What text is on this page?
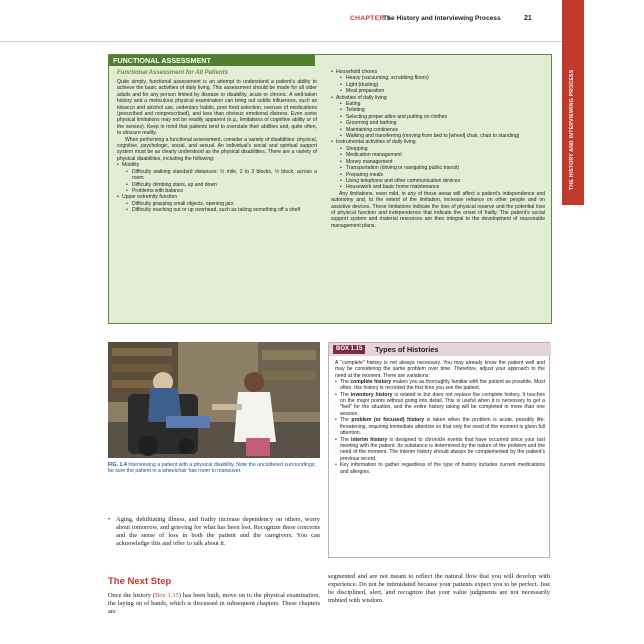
CHAPTER 1
The History and Interviewing Process	21
THE HISTORY AND INTERVIEWING PROCESS
FUNCTIONAL ASSESSMENT
Functional Assessment for All Patients

Quite simply, functional assessment is an attempt to understand a patient's ability to achieve the basic activities of daily living. This assessment should be made for all older adults and for any person limited by disease or disability, acute or chronic. A well-taken history and a meticulous physical examination can bring out subtle influences, such as tobacco and alcohol use, sedentary habits, poor food selection, overuse of medications (prescribed and nonprescribed), and less than obvious emotional distress. Even some physical limitations may not be readily apparent (e.g., limitations of cognitive ability or of the senses). Keep in mind that patients tend to overstate their abilities and, quite often, to obscure reality.

When performing a functional assessment, consider a variety of disabilities: physical, cognitive, psychologic, social, and sexual. An individual's social and spiritual support system must be as clearly understood as the physical disabilities. There are a variety of physical disabilities, including the following:

• Mobility
• Difficulty walking standard distances: ½ mile, 2 to 3 blocks, ½ block, across a room
• Difficulty climbing stairs, up and down
• Problems with balance
• Upper extremity function
• Difficulty grasping small objects, opening jars
• Difficulty reaching out or up overhead, such as taking something off a shelf
• Household chores
• Heavy (vacuuming, scrubbing floors)
• Light (dusting)
• Meal preparation
• Activities of daily living
• Eating
• Toileting
• Selecting proper attire and putting on clothes
• Grooming and bathing
• Maintaining continence
• Walking and transferring (moving from bed to [wheel] chair, chair to standing)
• Instrumental activities of daily living
• Shopping
• Medication management
• Money management
• Transportation (driving or navigating public transit)
• Preparing meals
• Using telephone and other communication devices
• Housework and basic home maintenance

Any limitations, even mild, in any of these areas will affect a patient's independence and autonomy and, to the extent of the limitation, increase reliance on other people and on assistive devices. These limitations indicate the loss of physical reserve and the potential loss of physical function and independence that indicate the onset of frailty. The patient's social support system and material resources are then integral to the development of reasonable management plans.

FIG. 1.4 Interviewing a patient with a physical disability. Note the uncluttered surroundings; be sure the patient in a wheelchair has room to maneuver.
• Aging, debilitating illness, and frailty increase dependency on others, worry about tomorrow, and grieving for what has been lost. Recognize these concerns and the sense of loss in both the patient and the caregivers. You can acknowledge this and offer to talk about it.
The Next Step
Once the history (Box 1.15) has been built, move on to the physical examination, the laying on of hands, which is discussed in subsequent chapters. These chapters are
BOX 1.15	Types of Histories

A "complete" history is not always necessary. You may already know the patient well and may be considering the same problem over time. Therefore, adjust your approach to the need at the moment. There are variations:

• The complete history makes you as thoroughly familiar with the patient as possible. Most often, this history is recorded the first time you see the patient.
• The inventory history is related to but does not replace the complete history. It touches on the major points without going into detail. This is useful when it is necessary to get a "feel" for the situation, and the entire history taking will be completed in more than one session.
• The problem (or focused) history is taken when the problem is acute, possibly life-threatening, requiring immediate attention so that only the need of the moment is given full attention.
• The interim history is designed to chronicle events that have occurred since your last meeting with the patient. Its substance is determined by the nature of the problem and the need of the moment. The interim history should always be complemented by the patient's previous record.
• Key information to gather regardless of the type of history includes current medications and allergies.
segmented and are not meant to reflect the natural flow that you will develop with experience. Do not be intimidated because your patients expect you to be perfect. Just be disciplined, alert, and recognize that your value judgments are not necessarily imbued with wisdom.
